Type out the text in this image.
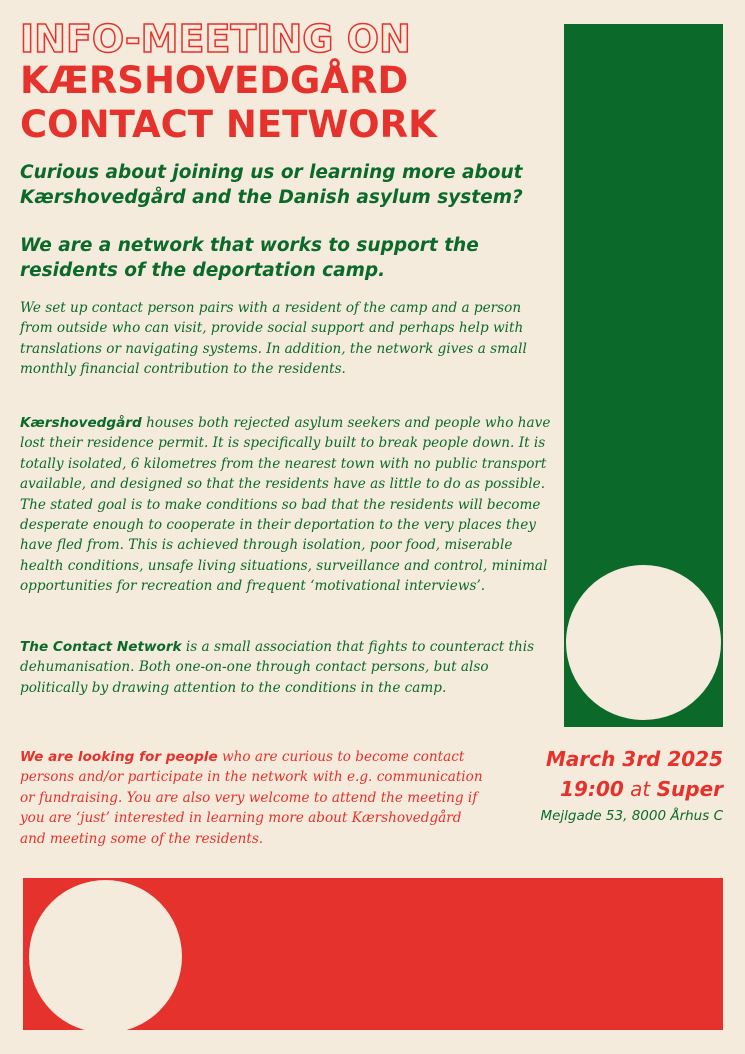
INFO-MEETING ON
KÆRSHOVEDGÅRD
CONTACT NETWORK

Curious about joining us or learning more about Kærshovedgård and the Danish asylum system?

We are a network that works to support the residents of the deportation camp.

We set up contact person pairs with a resident of the camp and a person from outside who can visit, provide social support and perhaps help with translations or navigating systems. In addition, the network gives a small monthly financial contribution to the residents.

Kærshovedgård houses both rejected asylum seekers and people who have lost their residence permit. It is specifically built to break people down. It is totally isolated, 6 kilometres from the nearest town with no public transport available, and designed so that the residents have as little to do as possible. The stated goal is to make conditions so bad that the residents will become desperate enough to cooperate in their deportation to the very places they have fled from. This is achieved through isolation, poor food, miserable health conditions, unsafe living situations, surveillance and control, minimal opportunities for recreation and frequent ‘motivational interviews’.

The Contact Network is a small association that fights to counteract this dehumanisation. Both one-on-one through contact persons, but also politically by drawing attention to the conditions in the camp.

We are looking for people who are curious to become contact persons and/or participate in the network with e.g. communication or fundraising. You are also very welcome to attend the meeting if you are ‘just’ interested in learning more about Kærshovedgård and meeting some of the residents.

March 3rd 2025

19:00 at Super

Mejlgade 53, 8000 Århus C
